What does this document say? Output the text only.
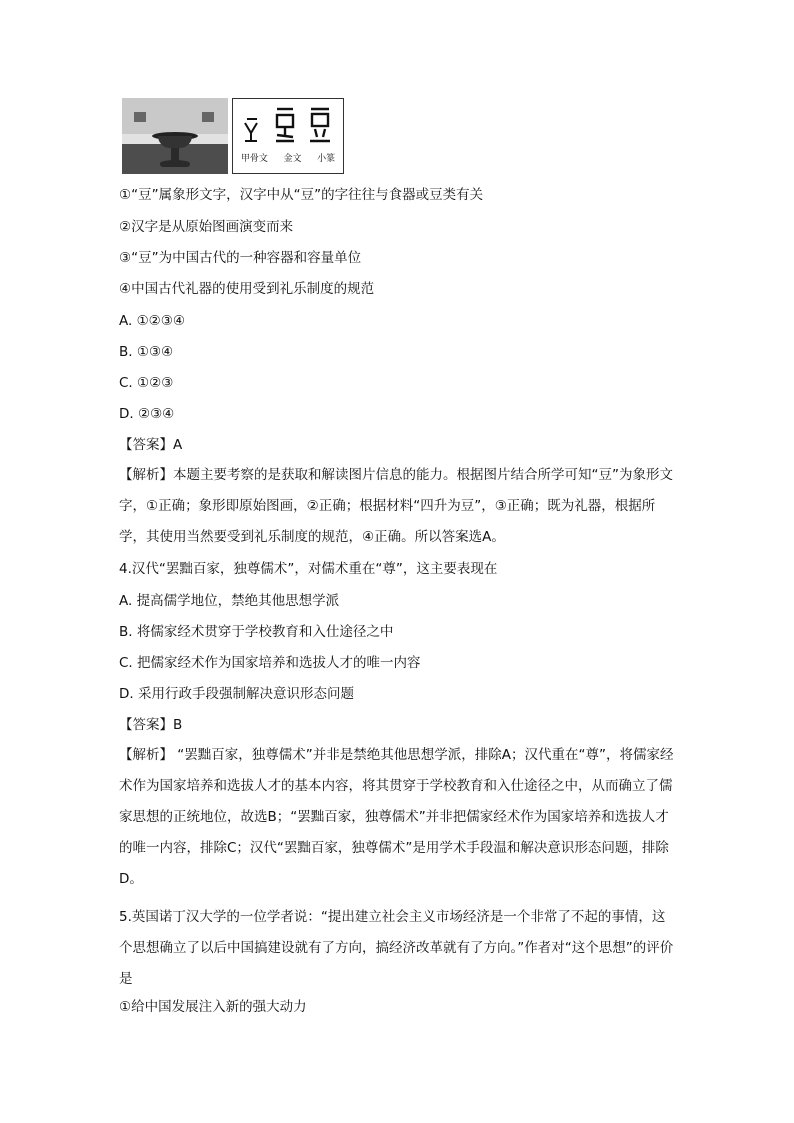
甲骨文 金文 小篆
①“豆”属象形文字，汉字中从“豆”的字往往与食器或豆类有关
②汉字是从原始图画演变而来
③“豆”为中国古代的一种容器和容量单位
④中国古代礼器的使用受到礼乐制度的规范
A. ①②③④
B. ①③④
C. ①②③
D. ②③④
【答案】A
【解析】本题主要考察的是获取和解读图片信息的能力。根据图片结合所学可知“豆”为象形文字，①正确；象形即原始图画，②正确；根据材料“四升为豆”，③正确；既为礼器，根据所学，其使用当然要受到礼乐制度的规范，④正确。所以答案选A。
4.汉代“罢黜百家，独尊儒术”，对儒术重在“尊”，这主要表现在
A. 提高儒学地位，禁绝其他思想学派
B. 将儒家经术贯穿于学校教育和入仕途径之中
C. 把儒家经术作为国家培养和选拔人才的唯一内容
D. 采用行政手段强制解决意识形态问题
【答案】B
【解析】 “罢黜百家，独尊儒术”并非是禁绝其他思想学派，排除A；汉代重在“尊”，将儒家经术作为国家培养和选拔人才的基本内容，将其贯穿于学校教育和入仕途径之中，从而确立了儒家思想的正统地位，故选B；“罢黜百家，独尊儒术”并非把儒家经术作为国家培养和选拔人才的唯一内容，排除C；汉代“罢黜百家，独尊儒术”是用学术手段温和解决意识形态问题，排除D。
5.英国诺丁汉大学的一位学者说：“提出建立社会主义市场经济是一个非常了不起的事情，这个思想确立了以后中国搞建设就有了方向，搞经济改革就有了方向。”作者对“这个思想”的评价是
①给中国发展注入新的强大动力
